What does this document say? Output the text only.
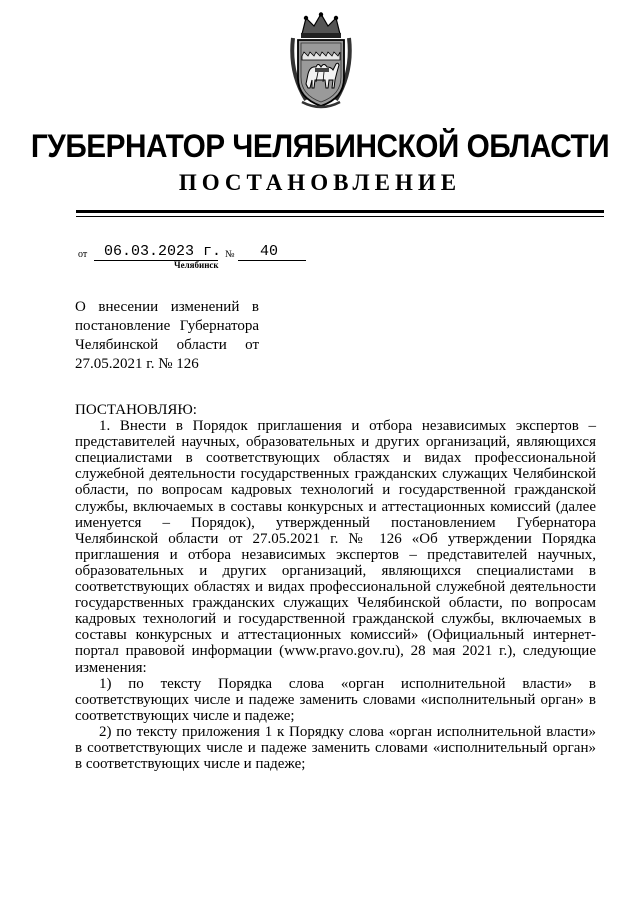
ГУБЕРНАТОР ЧЕЛЯБИНСКОЙ ОБЛАСТИ
ПОСТАНОВЛЕНИЕ
от 06.03.2023 г. № 40
Челябинск
О внесении изменений в постановление Губернатора Челябинской области от 27.05.2021 г. № 126

ПОСТАНОВЛЯЮ:

1. Внести в Порядок приглашения и отбора независимых экспертов – представителей научных, образовательных и других организаций, являющихся специалистами в соответствующих областях и видах профессиональной служебной деятельности государственных гражданских служащих Челябинской области, по вопросам кадровых технологий и государственной гражданской службы, включаемых в составы конкурсных и аттестационных комиссий (далее именуется – Порядок), утвержденный постановлением Губернатора Челябинской области от 27.05.2021 г. № 126 «Об утверждении Порядка приглашения и отбора независимых экспертов – представителей научных, образовательных и других организаций, являющихся специалистами в соответствующих областях и видах профессиональной служебной деятельности государственных гражданских служащих Челябинской области, по вопросам кадровых технологий и государственной гражданской службы, включаемых в составы конкурсных и аттестационных комиссий» (Официальный интернет-портал правовой информации (www.pravo.gov.ru), 28 мая 2021 г.), следующие изменения:

1) по тексту Порядка слова «орган исполнительной власти» в соответствующих числе и падеже заменить словами «исполнительный орган» в соответствующих числе и падеже;

2) по тексту приложения 1 к Порядку слова «орган исполнительной власти» в соответствующих числе и падеже заменить словами «исполнительный орган» в соответствующих числе и падеже;
